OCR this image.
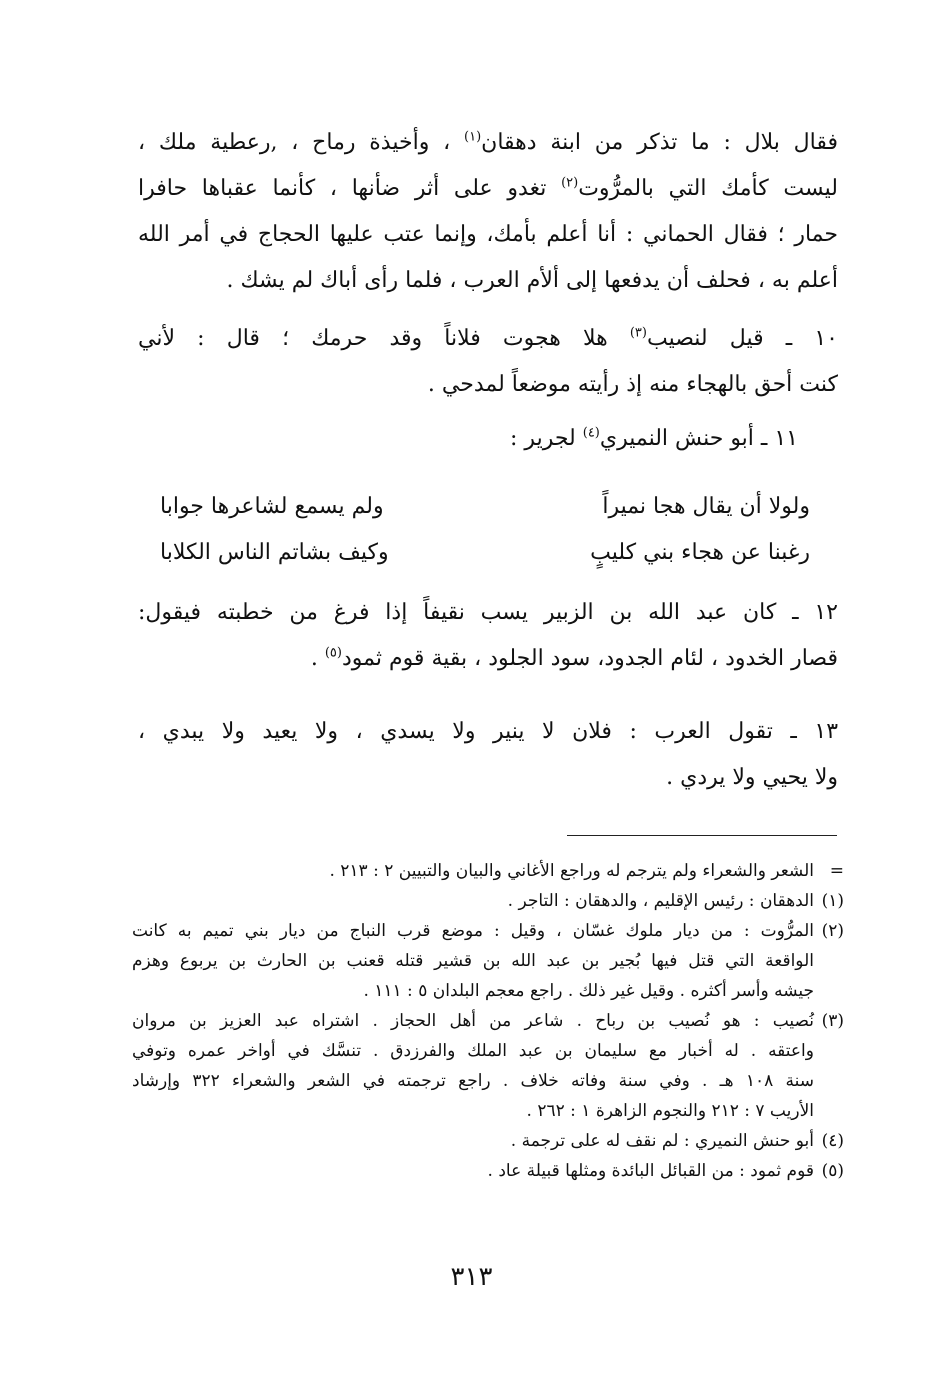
فقال بلال : ما تذكر من ابنة دهقان$^{(١)}$ ، وأخيذة رماح ، ,رعطية ملك ،
ليست كأمك التي بالمرُّوت$^{(٢)}$ تغدو على أثر ضأنها ، كأنما عقباها حافرا
حمار ؛ فقال الحماني : أنا أعلم بأمك، وإنما عتب عليها الحجاج في أمر الله
أعلم به ، فحلف أن يدفعها إلى ألأم العرب ، فلما رأى أباك لم يشك .
١٠ ـ قيل لنصيب$^{(٣)}$ هلا هجوت فلاناً وقد حرمك ؛ قال : لأني
كنت أحق بالهجاء منه إذ رأيته موضعاً لمدحي .
١١ ـ أبو حنش النميري$^{(٤)}$ لجرير :
ولولا أن يقال هجا نميراً
ولم يسمع لشاعرها جوابا
رغبنا عن هجاء بني كليبٍ
وكيف بشاتم الناس الكلابا
١٢ ـ كان عبد الله بن الزبير يسب نقيفاً إذا فرغ من خطبته فيقول:
قصار الخدود ، لئام الجدود، سود الجلود ، بقية قوم ثمود$^{(٥)}$ .
١٣ ـ تقول العرب : فلان لا ينير ولا يسدي ، ولا يعيد ولا يبدي ،
ولا يحيي ولا يردي .
=
الشعر والشعراء ولم يترجم له وراجع الأغاني والبيان والتبيين ٢ : ٢١٣ .
(١)
الدهقان : رئيس الإقليم ، والدهقان : التاجر .
(٢)
المرُّوت : من ديار ملوك غسّان ، وقيل : موضع قرب النباج من ديار بني تميم به كانت
الواقعة التي قتل فيها بُجير بن عبد الله بن قشير قتله قعنب بن الحارث بن يربوع وهزم
جيشه وأسر أكثره . وقيل غير ذلك . راجع معجم البلدان ٥ : ١١١ .
(٣)
نُصيب : هو نُصيب بن رباح . شاعر من أهل الحجاز . اشتراه عبد العزيز بن مروان
واعتقه . له أخبار مع سليمان بن عبد الملك والفرزدق . تنسَّك في أواخر عمره وتوفي
سنة ١٠٨ هـ . وفي سنة وفاته خلاف . راجع ترجمته في الشعر والشعراء ٣٢٢ وإرشاد
الأريب ٧ : ٢١٢ والنجوم الزاهرة ١ : ٢٦٢ .
(٤)
أبو حنش النميري : لم نقف له على ترجمة .
(٥)
قوم ثمود : من القبائل البائدة ومثلها قبيلة عاد .
٣١٣
